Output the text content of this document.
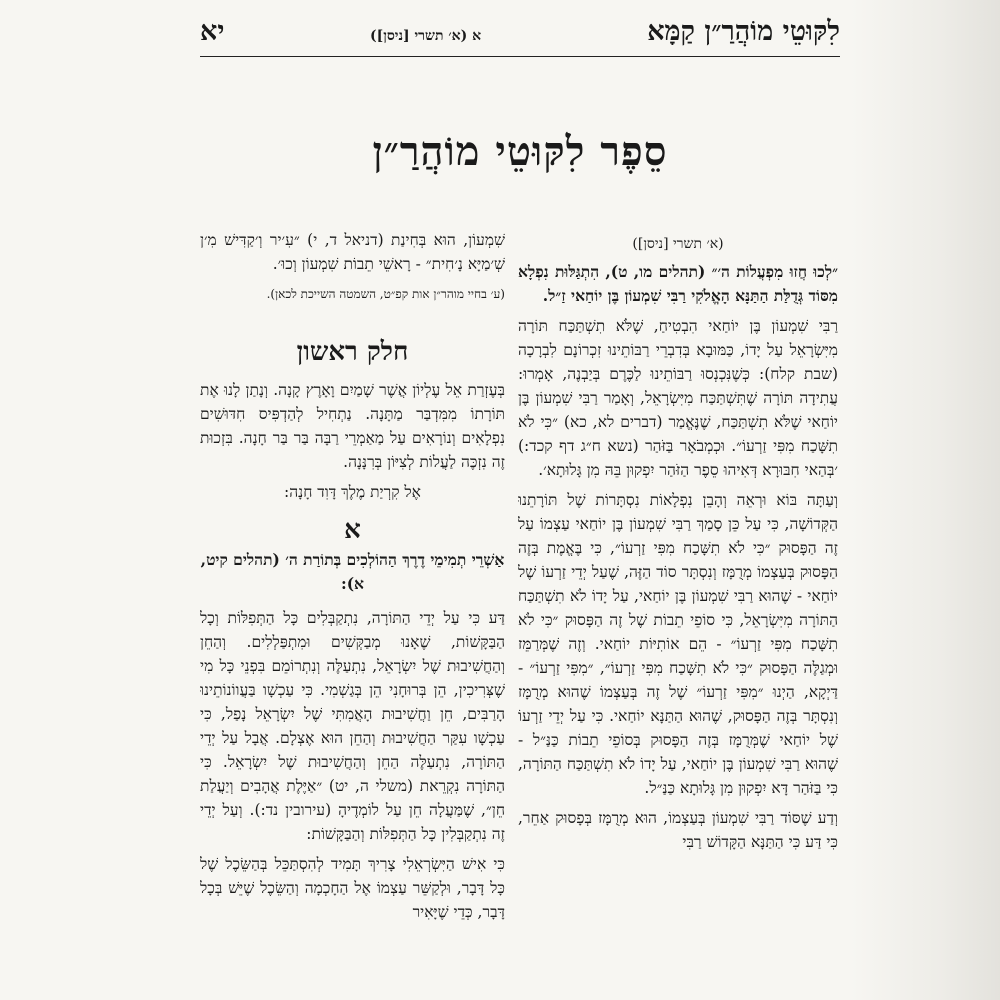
לִקּוּטֵי מוֹהֲרַ״ן קַמָּא
א (א׳ תשרי [ניסן])
יא
סֵפֶר לִקּוּטֵי מוֹהֲרַ״ן
(א׳ תשרי [ניסן])

״לְכוּ חֲזוּ מִפְעֲלוֹת ה׳״ (תהלים מו, ט), הִתְגַּלּוּת נִפְלָא מִסּוֹד גְּדֻלַּת הַתַּנָּא הָאֱלֹקִי רַבִּי שִׁמְעוֹן בֶּן יוֹחַאי זַ״ל.

רַבִּי שִׁמְעוֹן בֶּן יוֹחַאי הִבְטִיחַ, שֶׁלֹּא תִשְׁתַּכַּח תּוֹרָה מִיִּשְׂרָאֵל עַל יָדוֹ, כַּמּוּבָא בְּדִבְרֵי רַבּוֹתֵינוּ זִכְרוֹנָם לִבְרָכָה (שבת קלח): כְּשֶׁנִּכְנְסוּ רַבּוֹתֵינוּ לַכֶּרֶם בְּיַבְנֶה, אָמְרוּ: עֲתִידָה תּוֹרָה שֶׁתִּשְׁתַּכַּח מִיִּשְׂרָאֵל, וְאָמַר רַבִּי שִׁמְעוֹן בֶּן יוֹחַאי שֶׁלֹּא תִשְׁתַּכַּח, שֶׁנֶּאֱמַר (דברים לא, כא) ״כִּי לֹא תִשָּׁכַח מִפִּי זַרְעוֹ״. וּכְמְבֹאָר בַּזֹּהַר (נשא ח״ג דף קכד:) ׳בְּהַאי חִבּוּרָא דְּאִיהוּ סֵפֶר הַזֹּהַר יִפְקוּן בֵּהּ מִן גָּלוּתָא׳.

וְעַתָּה בּוֹא וּרְאֵה וְהָבֵן נִפְלָאוֹת נִסְתָּרוֹת שֶׁל תּוֹרָתֵנוּ הַקְּדוֹשָׁה, כִּי עַל כֵּן סָמַךְ רַבִּי שִׁמְעוֹן בֶּן יוֹחַאי עַצְמוֹ עַל זֶה הַפָּסוּק ״כִּי לֹא תִשָּׁכַח מִפִּי זַרְעוֹ״, כִּי בֶּאֱמֶת בְּזֶה הַפָּסוּק בְּעַצְמוֹ מְרֻמָּז וְנִסְתָּר סוֹד הַזֶּה, שֶׁעַל יְדֵי זַרְעוֹ שֶׁל יוֹחַאי - שֶׁהוּא רַבִּי שִׁמְעוֹן בֶּן יוֹחַאי, עַל יָדוֹ לֹא תִשְׁתַּכַּח הַתּוֹרָה מִיִּשְׂרָאֵל, כִּי סוֹפֵי תֵבוֹת שֶׁל זֶה הַפָּסוּק ״כִּי לֹא תִשָּׁכַח מִפִּי זַרְעוֹ״ - הֵם אוֹתִיּוֹת יוֹחַאי. וְזֶה שֶׁמְּרַמֵּז וּמְגַלֶּה הַפָּסוּק ״כִּי לֹא תִשָּׁכַח מִפִּי זַרְעוֹ״, ״מִפִּי זַרְעוֹ״ - דַּיְקָא, הַיְנוּ ״מִפִּי זַרְעוֹ״ שֶׁל זֶה בְּעַצְמוֹ שֶׁהוּא מְרֻמָּז וְנִסְתָּר בְּזֶה הַפָּסוּק, שֶׁהוּא הַתַּנָּא יוֹחַאי. כִּי עַל יְדֵי זַרְעוֹ שֶׁל יוֹחַאי שֶׁמְּרֻמָּז בְּזֶה הַפָּסוּק בְּסוֹפֵי תֵבוֹת כַּנַּ״ל - שֶׁהוּא רַבִּי שִׁמְעוֹן בֶּן יוֹחַאי, עַל יָדוֹ לֹא תִשְׁתַּכַּח הַתּוֹרָה, כִּי בַּזֹּהַר דָּא יִפְקוּן מִן גָּלוּתָא כַּנַּ״ל.

וְדַע שֶׁסּוֹד רַבִּי שִׁמְעוֹן בְּעַצְמוֹ, הוּא מְרֻמָּז בְּפָסוּק אַחֵר, כִּי דַּע כִּי הַתַּנָּא הַקָּדוֹשׁ רַבִּי

שִׁמְעוֹן, הוּא בְּחִינַת (דניאל ד, י) ״עִ׳יר וְ׳קַדִּישׁ מִ׳ן שְׁ׳מַיָּא נָ׳חִית״ - רָאשֵׁי תֵבוֹת שִׁמְעוֹן וְכוּ׳.

(ע׳ בחיי מוהר״ן אות קפ״ט, השמטה השייכת לכאן).

חלק ראשון

בְּעֶזְרַת אֵל עֶלְיוֹן אֲשֶׁר שָׁמַיִם וָאָרֶץ קָנָה. וְנָתַן לָנוּ אֶת תּוֹרָתוֹ מִמִּדְבַּר מַתָּנָה. נַתְחִיל לְהַדְפִּיס חִדּוּשִׁים נִפְלָאִים וְנוֹרָאִים עַל מַאַמְרֵי רַבָּה בַּר בַּר חָנָה. בִּזְכוּת זֶה נִזְכֶּה לַעֲלוֹת לְצִיּוֹן בְּרִנָּנָה.

אֶל קִרְיַת מֶלֶךְ דָּוִד חָנָה:

א
אַשְׁרֵי תְמִימֵי דֶרֶךְ הַהוֹלְכִים בְּתוֹרַת ה׳ (תהלים קיט, א):

דַּע כִּי עַל יְדֵי הַתּוֹרָה, נִתְקַבְּלִים כָּל הַתְּפִלּוֹת וְכָל הַבַּקָּשׁוֹת, שֶׁאָנוּ מְבַקְּשִׁים וּמִתְפַּלְלִים. וְהַחֵן וְהַחֲשִׁיבוּת שֶׁל יִשְׂרָאֵל, נִתְעַלֶּה וְנִתְרוֹמֵם בִּפְנֵי כָּל מִי שֶׁצְּרִיכִין, הֵן בְּרוּחָנִי הֵן בְּגַשְׁמִי. כִּי עַכְשָׁו בַּעֲווֹנוֹתֵינוּ הָרַבִּים, חֵן וַחֲשִׁיבוּת הָאֲמִתִּי שֶׁל יִשְׂרָאֵל נָפַל, כִּי עַכְשָׁו עִקַּר הַחֲשִׁיבוּת וְהַחֵן הוּא אֶצְלָם. אֲבָל עַל יְדֵי הַתּוֹרָה, נִתְעַלֶּה הַחֵן וְהַחֲשִׁיבוּת שֶׁל יִשְׂרָאֵל. כִּי הַתּוֹרָה נִקְרֵאת (משלי ה, יט) ״אַיֶּלֶת אֲהָבִים וְיַעֲלַת חֵן״, שֶׁמַּעֲלָה חֵן עַל לוֹמְדֶיהָ (עירובין נד:). וְעַל יְדֵי זֶה נִתְקַבְּלִין כָּל הַתְּפִלּוֹת וְהַבַּקָּשׁוֹת:

כִּי אִישׁ הַיִּשְׂרְאֵלִי צָרִיךְ תָּמִיד לְהִסְתַּכֵּל בְּהַשֵּׂכֶל שֶׁל כָּל דָּבָר, וּלְקַשֵּׁר עַצְמוֹ אֶל הַחָכְמָה וְהַשֵּׂכֶל שֶׁיֵּשׁ בְּכָל דָּבָר, כְּדֵי שֶׁיָּאִיר
